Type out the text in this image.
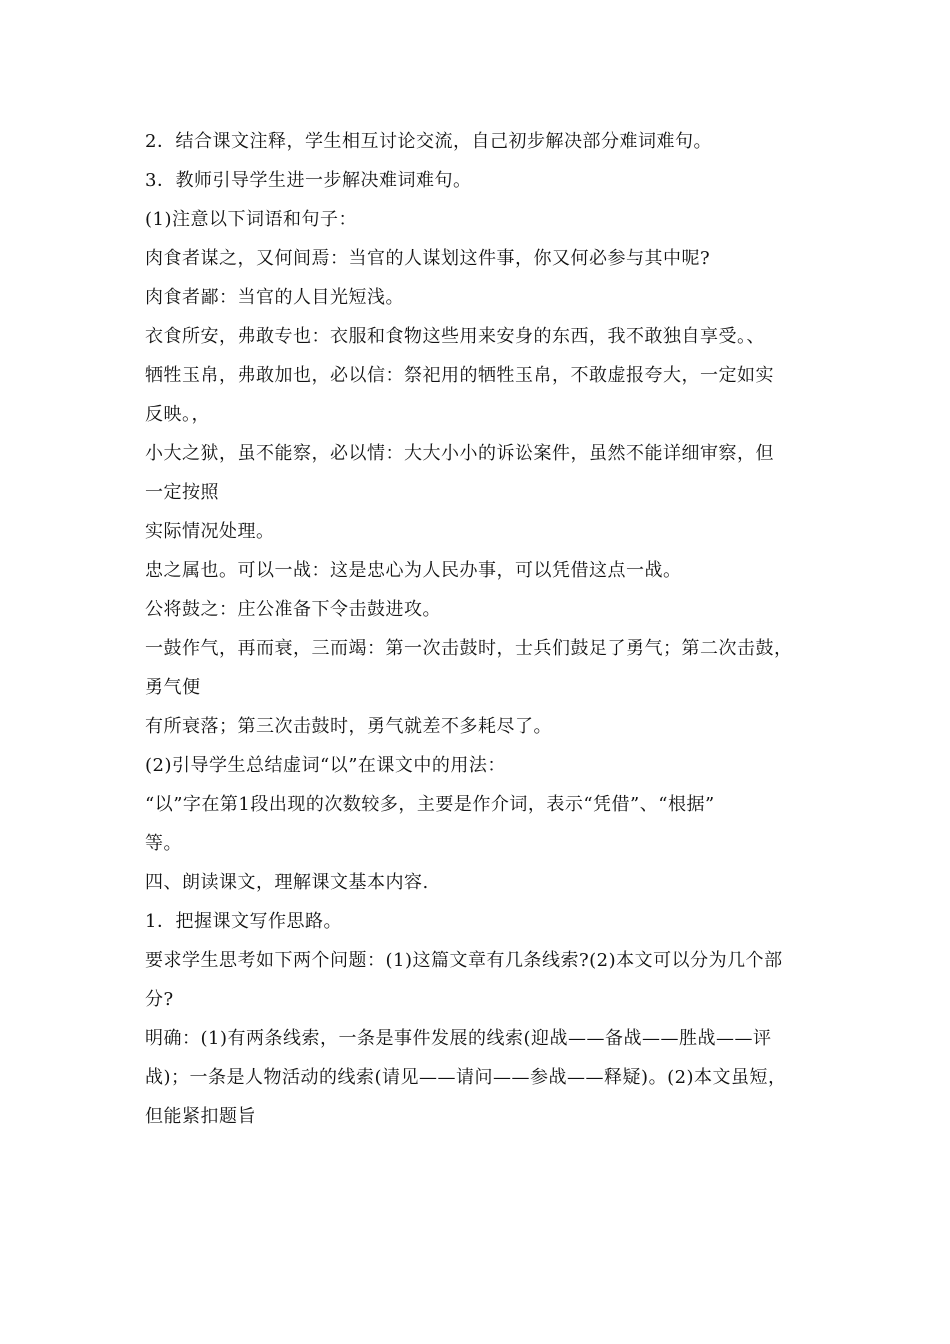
2．结合课文注释，学生相互讨论交流，自己初步解决部分难词难句。
3．教师引导学生进一步解决难词难句。
(1)注意以下词语和句子：
肉食者谋之，又何间焉：当官的人谋划这件事，你又何必参与其中呢?
肉食者鄙：当官的人目光短浅。
衣食所安，弗敢专也：衣服和食物这些用来安身的东西，我不敢独自享受。、
牺牲玉帛，弗敢加也，必以信：祭祀用的牺牲玉帛，不敢虚报夸大，一定如实
反映。，
小大之狱，虽不能察，必以情：大大小小的诉讼案件，虽然不能详细审察，但
一定按照
实际情况处理。
忠之属也。可以一战：这是忠心为人民办事，可以凭借这点一战。
公将鼓之：庄公准备下令击鼓进攻。
一鼓作气，再而衰，三而竭：第一次击鼓时，士兵们鼓足了勇气；第二次击鼓，
勇气便
有所衰落；第三次击鼓时，勇气就差不多耗尽了。
(2)引导学生总结虚词“以”在课文中的用法：
“以”字在第1段出现的次数较多，主要是作介词，表示“凭借”、“根据”
等。
四、朗读课文，理解课文基本内容.
1．把握课文写作思路。
要求学生思考如下两个问题：(1)这篇文章有几条线索?(2)本文可以分为几个部
分?
明确：(1)有两条线索，一条是事件发展的线索(迎战——备战——胜战——评
战)；一条是人物活动的线索(请见——请问——参战——释疑)。(2)本文虽短，
但能紧扣题旨
